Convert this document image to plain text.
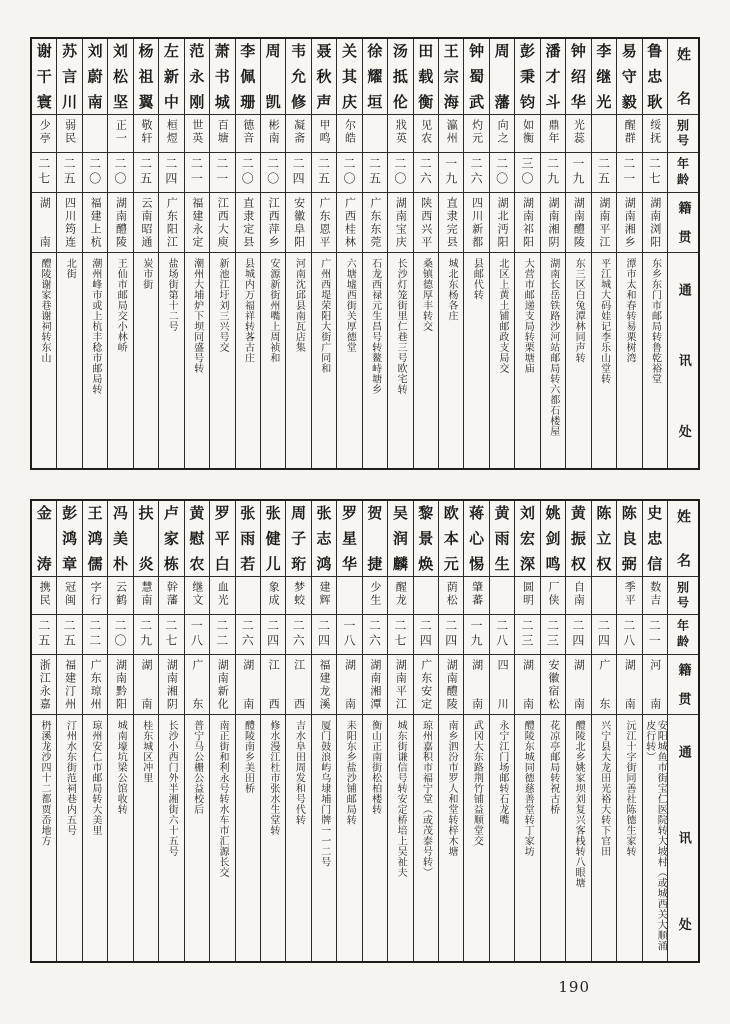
谢干寰
少亭
二七
湖南
醴陵谢家巷谢祠转东山
苏言川
弱民
二五
四川筠连
北街
刘蔚南
二〇
福建上杭
潮州峰市或上杭丰稔市邮局转
刘松坚
正一
二〇
湖南醴陵
王仙市邮局交小林峤
杨祖翼
敬轩
二五
云南昭通
炭市街
左新中
桓煜
二四
广东阳江
盐场街第十二号
范永刚
世英
二一
福建永定
潮州大埔炉下坝同盛号转
萧书城
百塘
二一
江西大庾
新池江圩刘三兴号交
李佩珊
德音
二〇
直隶定县
县城内万福祥转茖古庄
周凯
彬南
二〇
江西萍乡
安源新街州嘴上周祯和
韦允修
凝斋
二四
安徽阜阳
河南沈邱县南瓦店集
聂秋声
甲鸣
二五
广东恩平
广州西堤荣阳大街广同和
关其庆
尔皓
二〇
广西桂林
六塘墟西街关厚德堂
徐耀垣
二五
广东东莞
石龙西禄元生昌号转鳌峙塘乡
汤抵伦
戕英
二〇
湖南宝庆
长沙灯笼街里仁巷三号欧宅转
田载衡
见农
二六
陕西兴平
桑镇德厚丰转交
王宗海
瀛州
一九
直隶完县
城北东杨各庄
钟蜀武
灼元
二六
四川新都
县邮代转
周藩
向之
二〇
湖北沔阳
北区上黄土铺邮政支局交
彭秉钧
如衡
三〇
湖南祁阳
大营市邮递支局转栗塘庙
潘才斗
鼎年
二九
湖南湘阴
湖南长岳铁路沙河站邮局转六都石楼屋
钟绍华
光蕊
一九
湖南醴陵
东三区白兔潭林同声转
李继光
二五
湖南平江
平江城大码娃记李乐山堂转
易守毅
醒群
二一
湖南湘乡
潭市太和春转易栗树湾
鲁忠耿
绥抚
二七
湖南浏阳
东乡东门市邮局转鲁乾裕堂
姓名
别号
年龄
籍贯
通讯处
金涛
携民
二五
浙江永嘉
枬溪龙沙四十二都贾岙地方
彭鸿章
冠闽
二五
福建汀州
汀州水东街范祠巷内五号
王鸿儒
字行
二二
广东琼州
琼州安仁市邮局转大美里
冯美朴
云鹤
二〇
湖南黔阳
城南壕坑梁公馆收转
扶炎
慧南
二九
湖南
桂东城区冲里
卢家栋
幹藩
二七
湖南湘阴
长沙小西门外半湘街六十五号
黄慰农
继文
一八
广东
普宁马公栅公益校后
罗平白
血光
二二
湖南新化
南正街和利永号转水车市汇源长交
张雨若
二六
湖南
醴陵南乡美田桥
张健儿
象成
二四
江西
修水漫江杜市张水生堂转
周子珩
梦蛟
二六
江西
吉水阜田周发和号代转
张志鸿
建辉
二四
福建龙溪
厦门鼓浪屿乌埭埔门牌一一二号
罗星华
一八
湖南
耒阳东乡盐沙铺邮局转
贺捷
少生
二六
湖南湘潭
衡山正南街松柏楼转
吴润麟
醒龙
二七
湖南平江
城东街谦信号转安定桥培上吴祉夫
黎景焕
二四
广东安定
琼州嘉积市福宁堂（或茂泰号转）
欧本元
荫松
二四
湖南醴陵
南乡泗汾市罗人和堂转梓木塘
蒋心惕
肇蕃
一九
湖南
武冈大东路荆竹铺益顺堂交
黄雨生
二八
四川
永宁江门场邮转石龙嘴
刘宏深
圆明
二三
湖南
醴陵东城同德慈善堂转丁家坊
姚剑鸣
厂侠
二三
安徽宿松
花凉亭邮局转祝古桥
黄振权
自南
二四
湖南
醴陵北乡姚家坝刘复兴客栈转八眼塘
陈立权
二四
广东
兴宁县大龙田光裕大转下官田
陈良弼
季平
二八
湖南
沅江十字街同善社陈德生家转
史忠信
数吉
二一
河南
安阳城鱼市街宝仁医院转大坡村（或城西关大顺涌皮行转）
姓名
别号
年龄
籍贯
通讯处
190
